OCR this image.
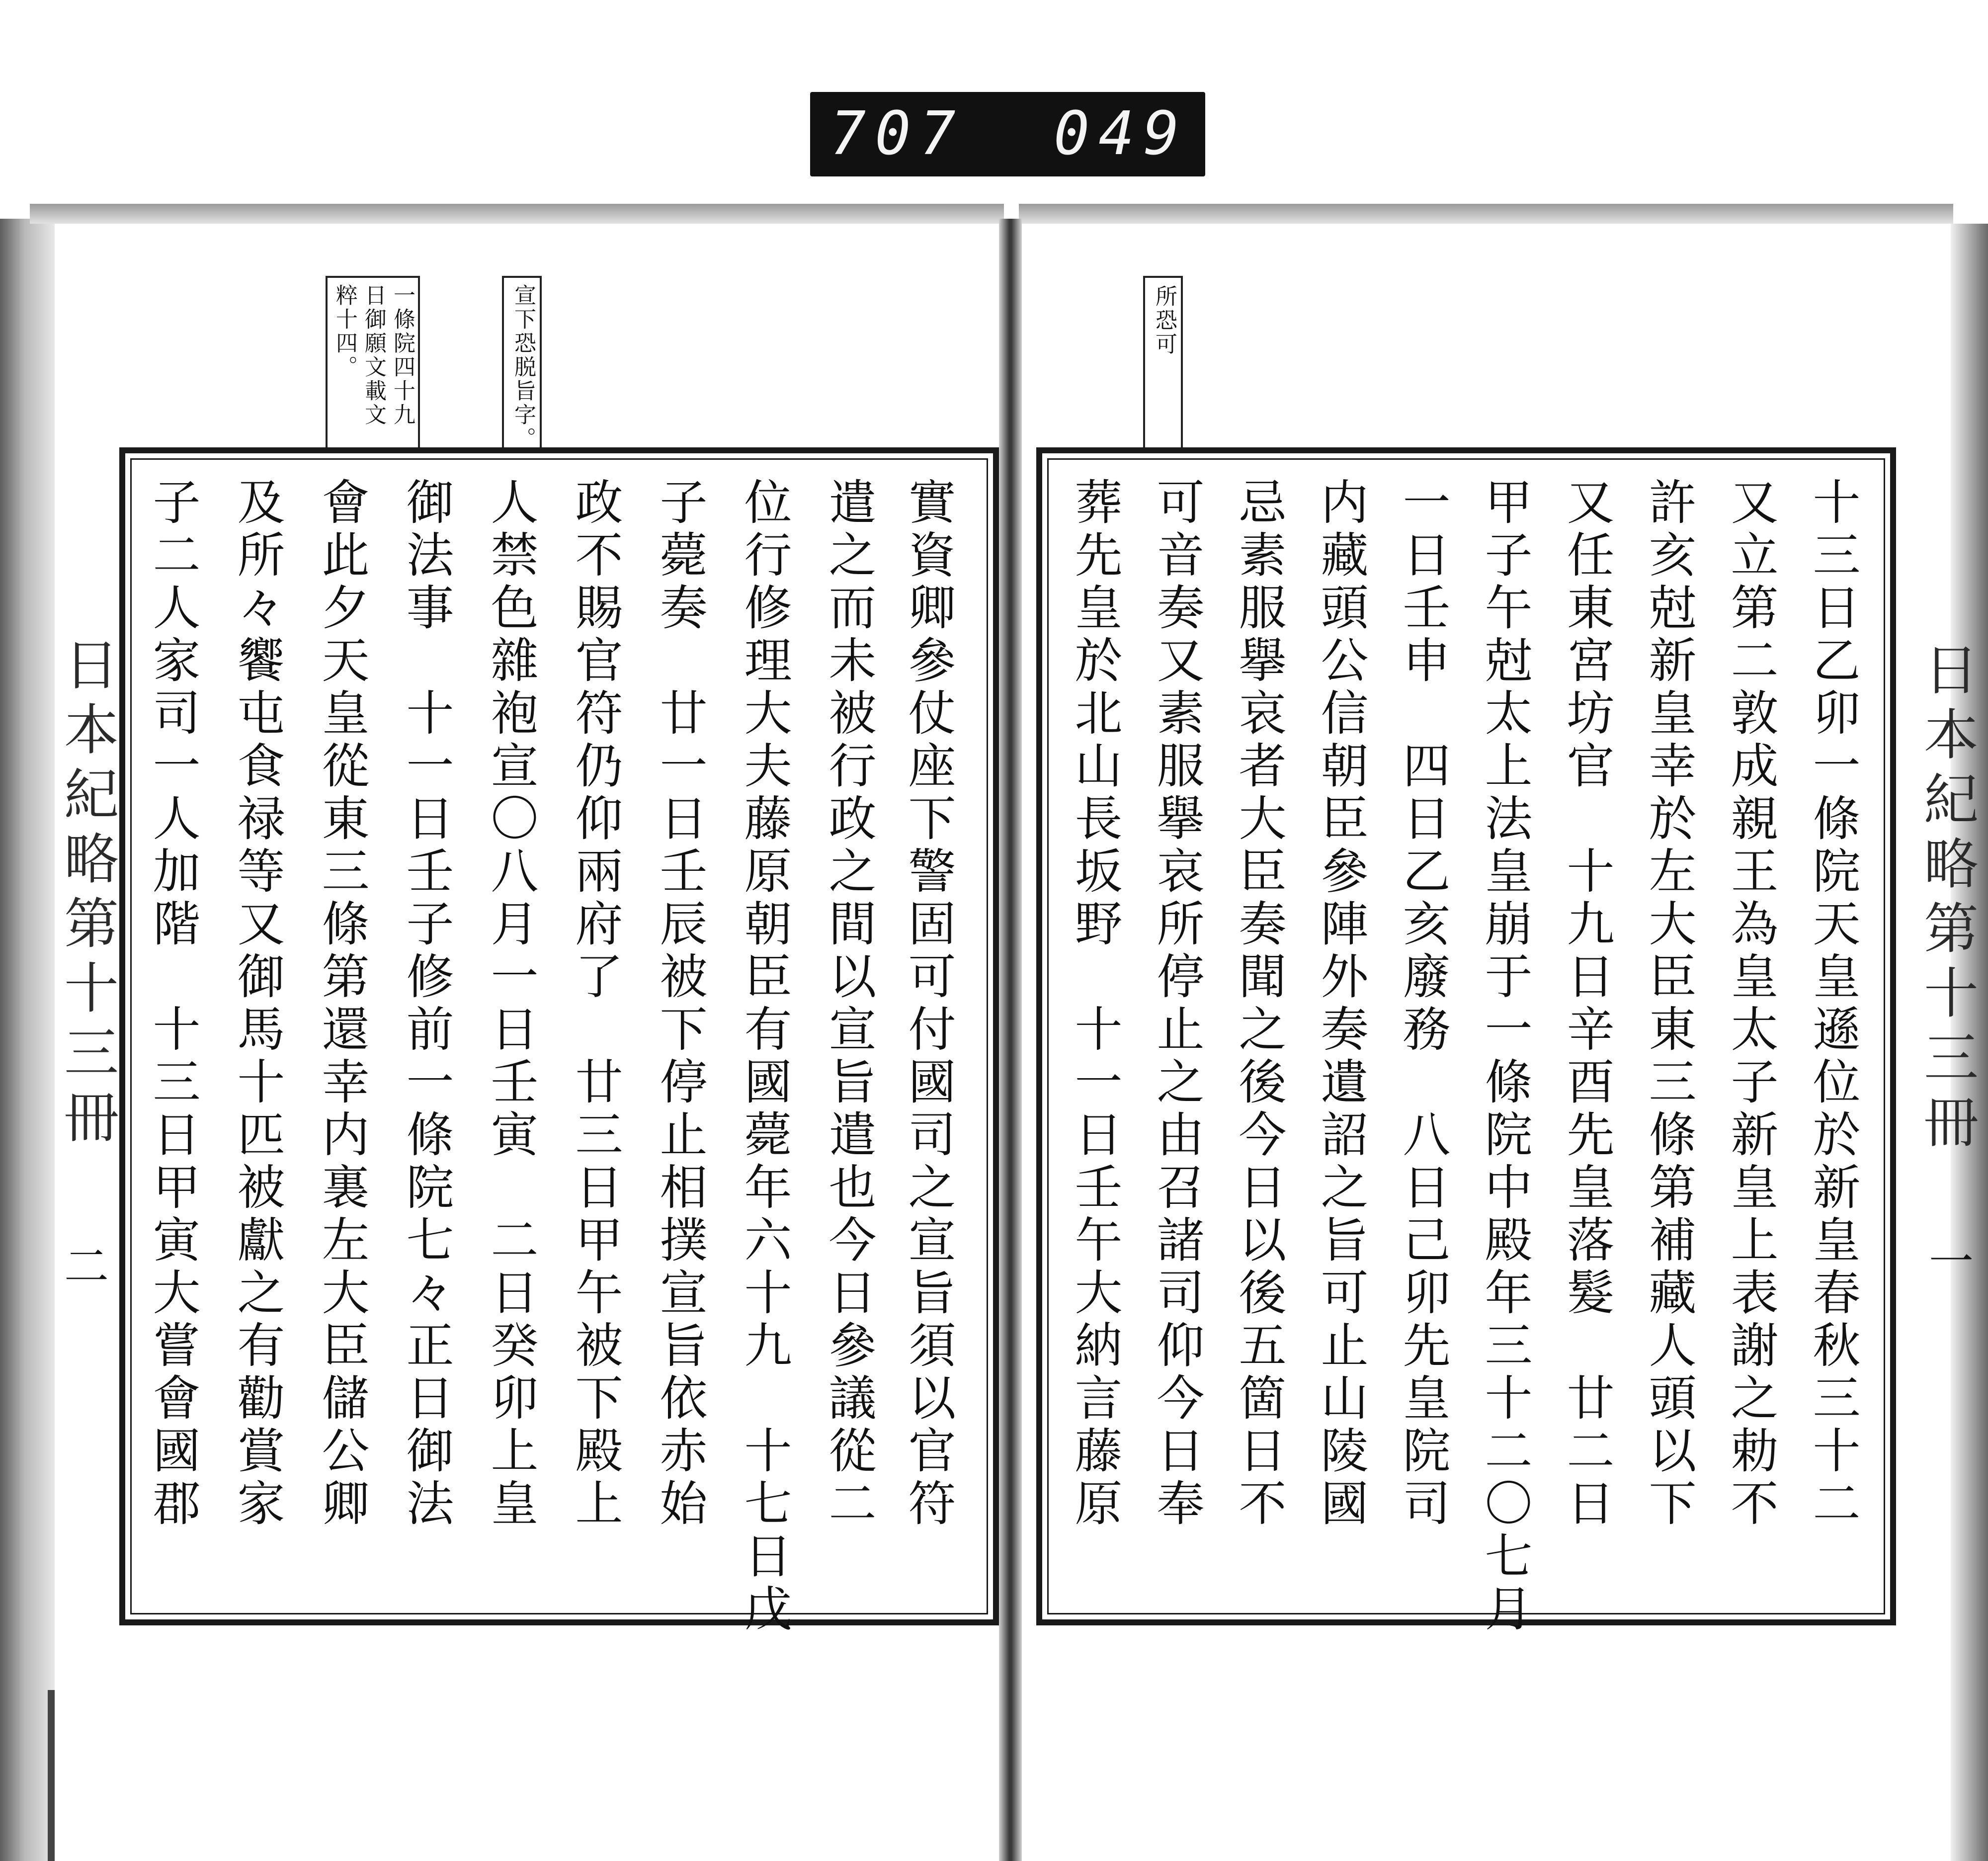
707 049
日本紀略第十三冊
二
日本紀略第十三冊
一
一條院四十九
日御願文載文
粹十四。	宣下恐脱旨字。	所恐可
實資卿參仗座下警固可付國司之宣旨須以官符
遣之而未被行政之間以宣旨遣也今日參議從二
位行修理大夫藤原朝臣有國薨年六十九　十七日戊
子薨奏　廿一日壬辰被下停止相撲宣旨依赤始
政不賜官符仍仰兩府了　廿三日甲午被下殿上
人禁色雜袍宣〇八月一日壬寅　二日癸卯上皇
御法事　十一日壬子修前一條院七々正日御法
會此夕天皇從東三條第還幸内裏左大臣儲公卿
及所々饗屯食禄等又御馬十匹被獻之有勸賞家
子二人家司一人加階　十三日甲寅大嘗會國郡	十三日乙卯一條院天皇遜位於新皇春秋三十二
又立第二敦成親王為皇太子新皇上表謝之勅不
許亥尅新皇幸於左大臣東三條第補藏人頭以下
又任東宮坊官　十九日辛酉先皇落髮　廿二日
甲子午尅太上法皇崩于一條院中殿年三十二〇七月
一日壬申　四日乙亥廢務　八日己卯先皇院司
内藏頭公信朝臣參陣外奏遺詔之旨可止山陵國
忌素服擧哀者大臣奏聞之後今日以後五箇日不
可音奏又素服擧哀所停止之由召諸司仰今日奉
葬先皇於北山長坂野　十一日壬午大納言藤原
